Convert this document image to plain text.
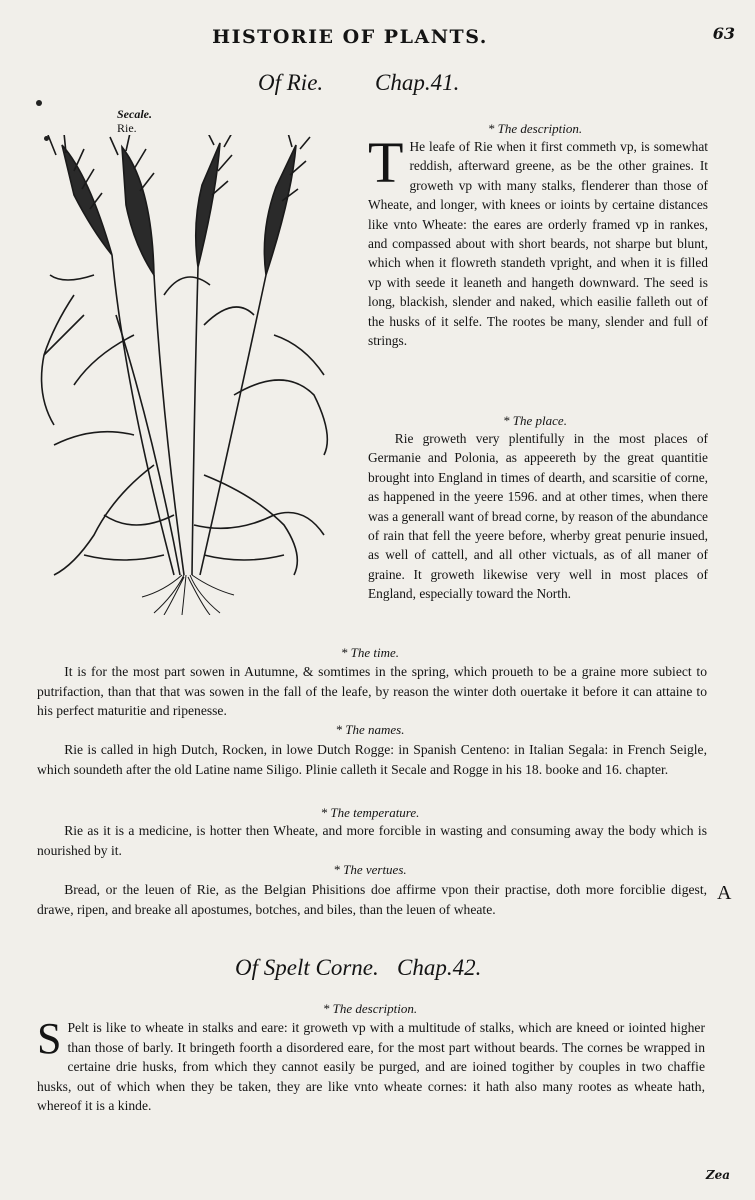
HISTORIE OF PLANTS.	63
Of Rie. Chap.41.
Secale.
Rie.	* The description.
T He leafe of Rie when it first commeth vp, is somewhat reddish, afterward greene, as be the other graines. It groweth vp with many stalks, flenderer than those of Wheate, and longer, with knees or ioints by certaine distances like vnto Wheate: the eares are orderly framed vp in rankes, and compassed about with short beards, not sharpe but blunt, which when it flowreth standeth vpright, and when it is filled vp with seede it leaneth and hangeth downward. The seed is long, blackish, slender and naked, which easilie falleth out of the husks of it selfe. The rootes be many, slender and full of strings.
* The place.
Rie groweth very plentifully in the most places of Germanie and Polonia, as appeereth by the great quantitie brought into England in times of dearth, and scarsitie of corne, as happened in the yeere 1596. and at other times, when there was a generall want of bread corne, by reason of the abundance of rain that fell the yeere before, wherby great penurie insued, as well of cattell, and all other victuals, as of all maner of graine. It groweth likewise very well in most places of England, especially toward the North.
* The time.
It is for the most part sowen in Autumne, & somtimes in the spring, which proueth to be a graine more subiect to putrifaction, than that that was sowen in the fall of the leafe, by reason the winter doth ouertake it before it can attaine to his perfect maturitie and ripenesse.
* The names.
Rie is called in high Dutch, Rocken, in lowe Dutch Rogge: in Spanish Centeno: in Italian Segala: in French Seigle, which soundeth after the old Latine name Siligo. Plinie calleth it Secale and Rogge in his 18. booke and 16. chapter.
* The temperature.
Rie as it is a medicine, is hotter then Wheate, and more forcible in wasting and consuming away the body which is nourished by it.
* The vertues.
Bread, or the leuen of Rie, as the Belgian Phisitions doe affirme vpon their practise, doth more forciblie digest, drawe, ripen, and breake all apostumes, botches, and biles, than the leuen of wheate.
A
Of Spelt Corne. Chap.42.
* The description.
S Pelt is like to wheate in stalks and eare: it groweth vp with a multitude of stalks, which are kneed or iointed higher than those of barly. It bringeth foorth a disordered eare, for the most part without beards. The cornes be wrapped in certaine drie husks, from which they cannot easily be purged, and are ioined togither by couples in two chaffie husks, out of which when they be taken, they are like vnto wheate cornes: it hath also many rootes as wheate hath, whereof it is a kinde.
Zea
